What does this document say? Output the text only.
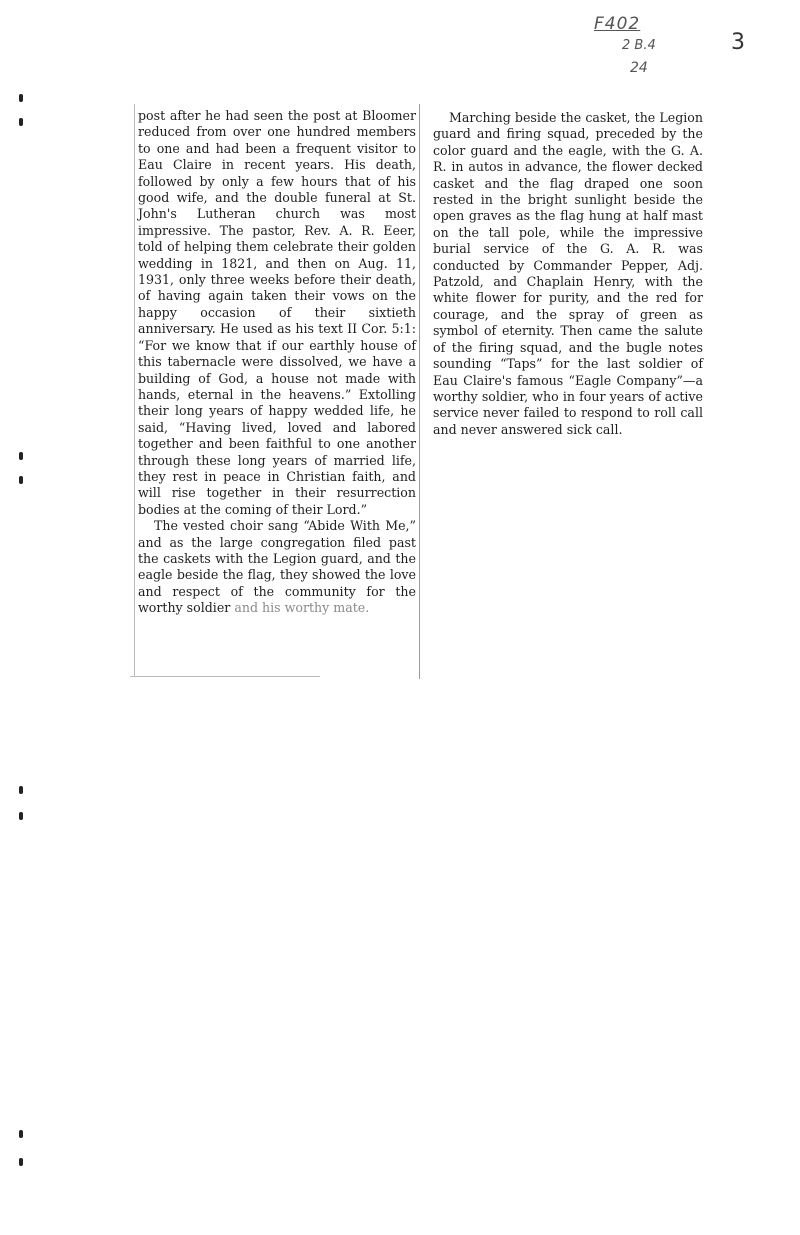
F402
2 B.4
24
3

post after he had seen the post at Bloomer reduced from over one hundred members to one and had been a frequent visitor to Eau Claire in recent years. His death, followed by only a few hours that of his good wife, and the double funeral at St. John's Lutheran church was most impressive. The pastor, Rev. A. R. Eeer, told of helping them celebrate their golden wedding in 1821, and then on Aug. 11, 1931, only three weeks before their death, of having again taken their vows on the happy occasion of their sixtieth anniversary. He used as his text II Cor. 5:1: “For we know that if our earthly house of this tabernacle were dissolved, we have a building of God, a house not made with hands, eternal in the heavens.” Extolling their long years of happy wedded life, he said, “Having lived, loved and labored together and been faithful to one another through these long years of married life, they rest in peace in Christian faith, and will rise together in their resurrection bodies at the coming of their Lord.”

The vested choir sang “Abide With Me,” and as the large congregation filed past the caskets with the Legion guard, and the eagle beside the flag, they showed the love and respect of the community for the worthy soldier and his worthy mate.

Marching beside the casket, the Legion guard and firing squad, preceded by the color guard and the eagle, with the G. A. R. in autos in advance, the flower decked casket and the flag draped one soon rested in the bright sunlight beside the open graves as the flag hung at half mast on the tall pole, while the impressive burial service of the G. A. R. was conducted by Commander Pepper, Adj. Patzold, and Chaplain Henry, with the white flower for purity, and the red for courage, and the spray of green as symbol of eternity. Then came the salute of the firing squad, and the bugle notes sounding “Taps” for the last soldier of Eau Claire's famous “Eagle Company”—a worthy soldier, who in four years of active service never failed to respond to roll call and never answered sick call.
